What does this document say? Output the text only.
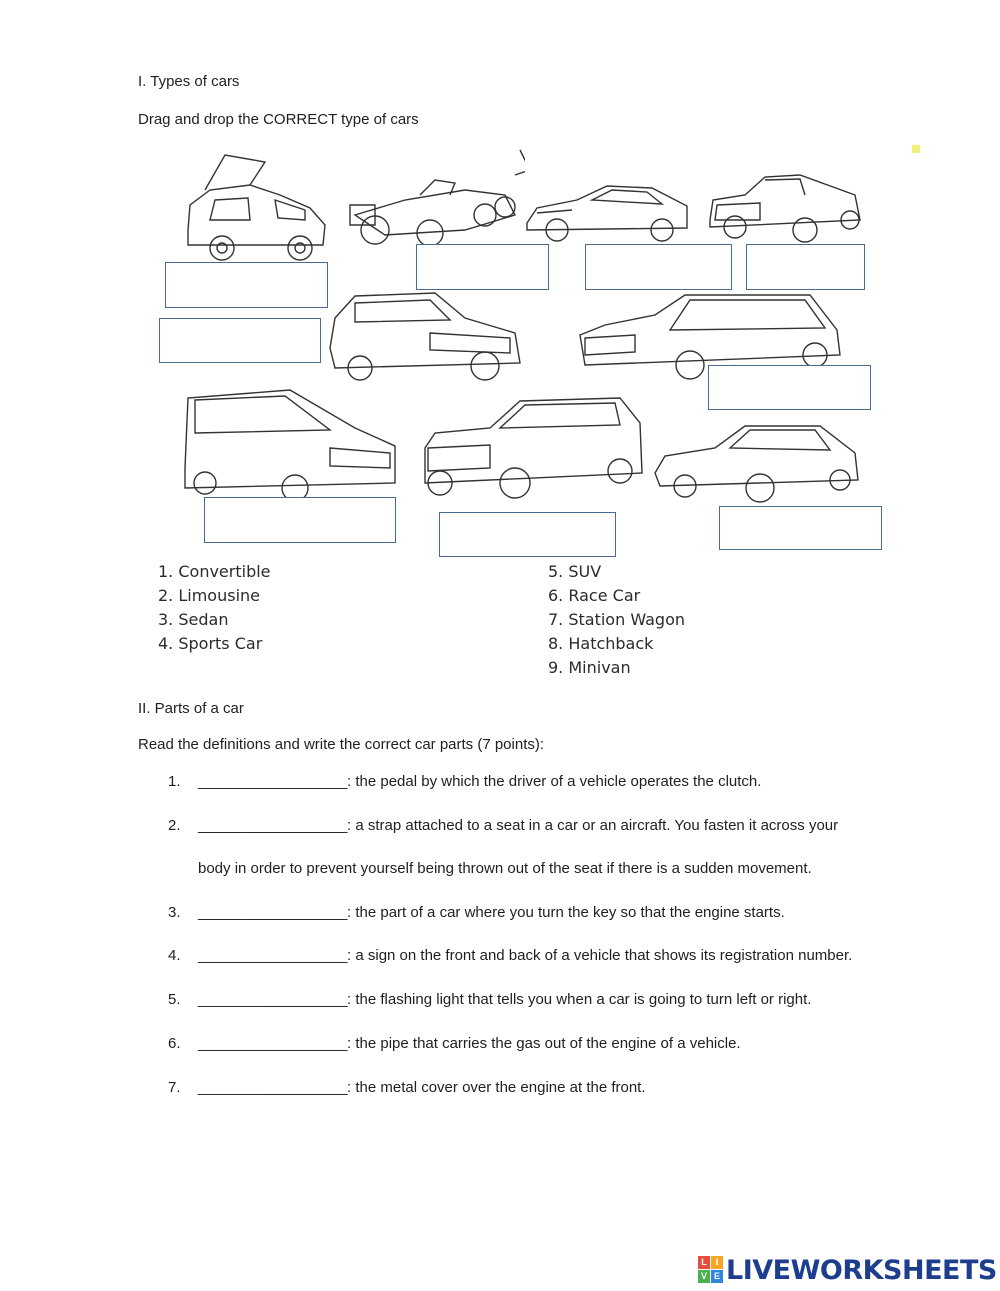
I. Types of cars
Drag and drop the CORRECT type of cars
1. Convertible
2. Limousine
3. Sedan
4. Sports Car
5. SUV
6. Race Car
7. Station Wagon
8. Hatchback
9. Minivan
II. Parts of a car
Read the definitions and write the correct car parts (7 points):
1. ___________________: the pedal by which the driver of a vehicle operates the clutch.
2. ___________________: a strap attached to a seat in a car or an aircraft. You fasten it across your
body in order to prevent yourself being thrown out of the seat if there is a sudden movement.
3. ___________________: the part of a car where you turn the key so that the engine starts.
4. ___________________: a sign on the front and back of a vehicle that shows its registration number.
5. ___________________: the flashing light that tells you when a car is going to turn left or right.
6. ___________________: the pipe that carries the gas out of the engine of a vehicle.
7. ___________________: the metal cover over the engine at the front.
L I
V E LIVEWORKSHEETS
